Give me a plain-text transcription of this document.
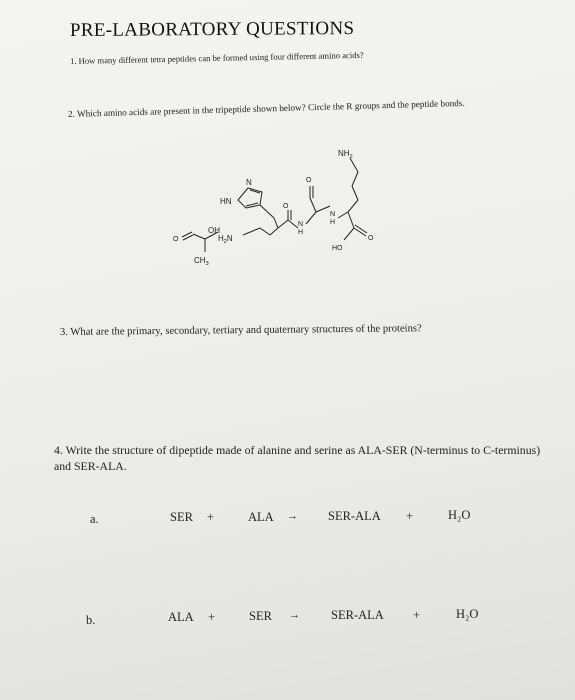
PRE-LABORATORY QUESTIONS
1. How many different tetra peptides can be formed using four different amino acids?
2. Which amino acids are present in the tripeptide shown below? Circle the R groups and the peptide bonds.
$NH_2$
N
HN
O
O
O
OH
$H_2N$
$CH_3$
N
H
N
H
HO
O
3. What are the primary, secondary, tertiary and quaternary structures of the proteins?
4. Write the structure of dipeptide made of alanine and serine as ALA-SER (N-terminus to C-terminus) and SER-ALA.
a.	SER +	ALA → SER-ALA +	H₂O
b.	ALA +	SER → SER-ALA +	H₂O
